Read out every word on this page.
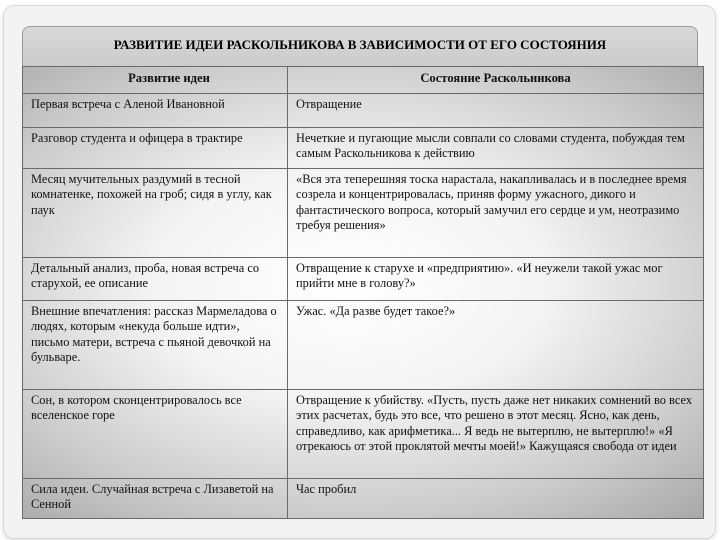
РАЗВИТИЕ ИДЕИ РАСКОЛЬНИКОВА В ЗАВИСИМОСТИ ОТ ЕГО СОСТОЯНИЯ
Развитие идеи	Состояние Раскольникова
Первая встреча с Аленой Ивановной	Отвращение
Разговор студента и офицера в трактире	Нечеткие и пугающие мысли совпали со словами студента, побуждая тем самым Раскольникова к действию
Месяц мучительных раздумий в тесной комнатенке, похожей на гроб; сидя в углу, как паук	«Вся эта теперешняя тоска нарастала, накапливалась и в последнее время созрела и концентрировалась, приняв форму ужасного, дикого и фантастического вопроса, который замучил его сердце и ум, неотразимо требуя решения»
Детальный анализ, проба, новая встреча со старухой, ее описание	Отвращение к старухе и «предприятию». «И неужели такой ужас мог прийти мне в голову?»
Внешние впечатления: рассказ Мармеладова о людях, которым «некуда больше идти», письмо матери, встреча с пьяной девочкой на бульваре.	Ужас. «Да разве будет такое?»
Сон, в котором сконцентрировалось все вселенское горе	Отвращение к убийству. «Пусть, пусть даже нет никаких сомнений во всех этих расчетах, будь это все, что решено в этот месяц. Ясно, как день, справедливо, как арифметика... Я ведь не вытерплю, не вытерплю!» «Я отрекаюсь от этой проклятой мечты моей!» Кажущаяся свобода от идеи
Сила идеи. Случайная встреча с Лизаветой на Сенной	Час пробил
